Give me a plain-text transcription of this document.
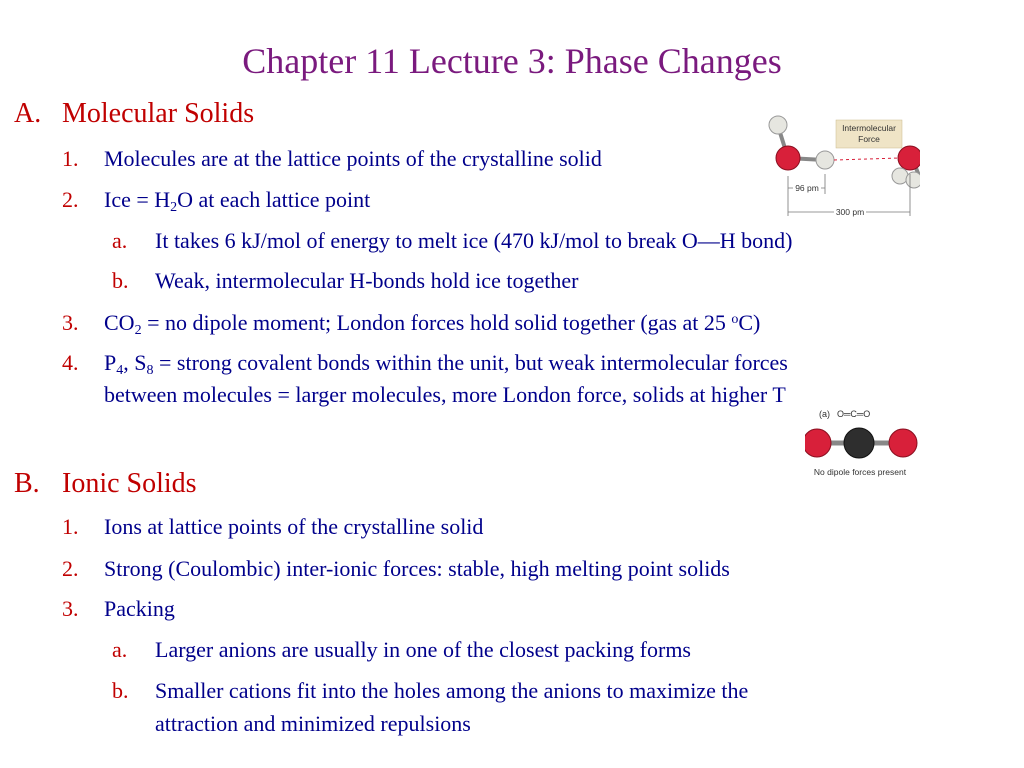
Chapter 11 Lecture 3: Phase Changes
A. Molecular Solids
1. Molecules are at the lattice points of the crystalline solid
2. Ice = $H_2O$ at each lattice point
a. It takes 6 kJ/mol of energy to melt ice (470 kJ/mol to break O—H bond)
b. Weak, intermolecular H-bonds hold ice together
3. $CO_2$ = no dipole moment; London forces hold solid together (gas at 25 $^o$C)
4. $P_4$, $S_8$ = strong covalent bonds within the unit, but weak intermolecular forces
between molecules = larger molecules, more London force, solids at higher T
B. Ionic Solids
1. Ions at lattice points of the crystalline solid
2. Strong (Coulombic) inter-ionic forces: stable, high melting point solids
3. Packing
a. Larger anions are usually in one of the closest packing forms
b. Smaller cations fit into the holes among the anions to maximize the
attraction and minimized repulsions
Intermolecular
Force
96 pm
300 pm
(a) O═C═O
No dipole forces present
